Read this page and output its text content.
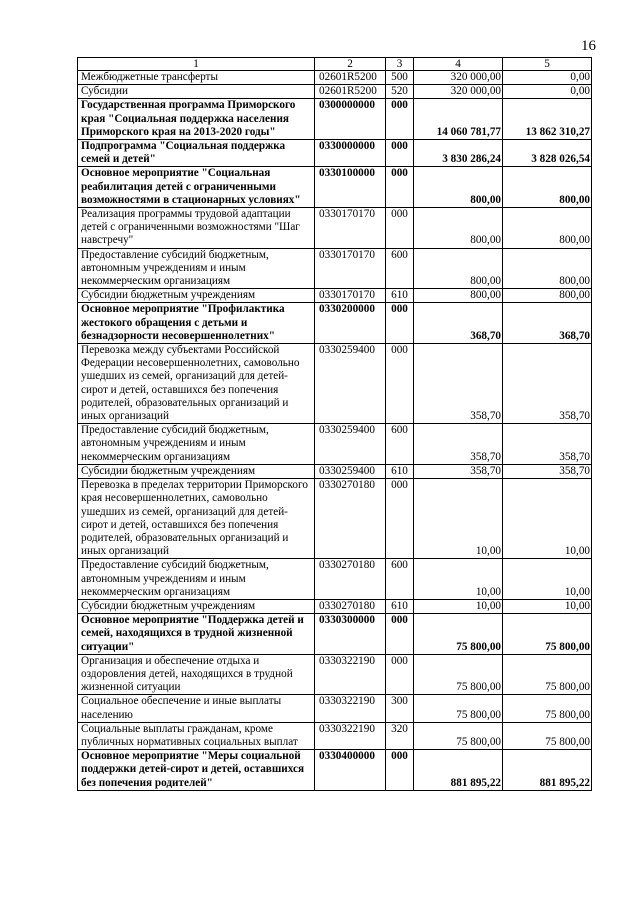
16
1	2	3	4	5
Межбюджетные трансферты	02601R5200	500	320 000,00	0,00
Субсидии	02601R5200	520	320 000,00	0,00
Государственная программа Приморского края "Социальная поддержка населения Приморского края на 2013-2020 годы"	0300000000	000	14 060 781,77	13 862 310,27
Подпрограмма "Социальная поддержка семей и детей"	0330000000	000	3 830 286,24	3 828 026,54
Основное мероприятие "Социальная реабилитация детей с ограниченными возможностями в стационарных условиях"	0330100000	000	800,00	800,00
Реализация программы трудовой адаптации детей с ограниченными возможностями "Шаг навстречу"	0330170170	000	800,00	800,00
Предоставление субсидий бюджетным, автономным учреждениям и иным некоммерческим организациям	0330170170	600	800,00	800,00
Субсидии бюджетным учреждениям	0330170170	610	800,00	800,00
Основное мероприятие "Профилактика жестокого обращения с детьми и безнадзорности несовершеннолетних"	0330200000	000	368,70	368,70
Перевозка между субъектами Российской Федерации несовершеннолетних, самовольно ушедших из семей, организаций для детей-сирот и детей, оставшихся без попечения родителей, образовательных организаций и иных организаций	0330259400	000	358,70	358,70
Предоставление субсидий бюджетным, автономным учреждениям и иным некоммерческим организациям	0330259400	600	358,70	358,70
Субсидии бюджетным учреждениям	0330259400	610	358,70	358,70
Перевозка в пределах территории Приморского края несовершеннолетних, самовольно ушедших из семей, организаций для детей-сирот и детей, оставшихся без попечения родителей, образовательных организаций и иных организаций	0330270180	000	10,00	10,00
Предоставление субсидий бюджетным, автономным учреждениям и иным некоммерческим организациям	0330270180	600	10,00	10,00
Субсидии бюджетным учреждениям	0330270180	610	10,00	10,00
Основное мероприятие "Поддержка детей и семей, находящихся в трудной жизненной ситуации"	0330300000	000	75 800,00	75 800,00
Организация и обеспечение отдыха и оздоровления детей, находящихся в трудной жизненной ситуации	0330322190	000	75 800,00	75 800,00
Социальное обеспечение и иные выплаты населению	0330322190	300	75 800,00	75 800,00
Социальные выплаты гражданам, кроме публичных нормативных социальных выплат	0330322190	320	75 800,00	75 800,00
Основное мероприятие "Меры социальной поддержки детей-сирот и детей, оставшихся без попечения родителей"	0330400000	000	881 895,22	881 895,22
